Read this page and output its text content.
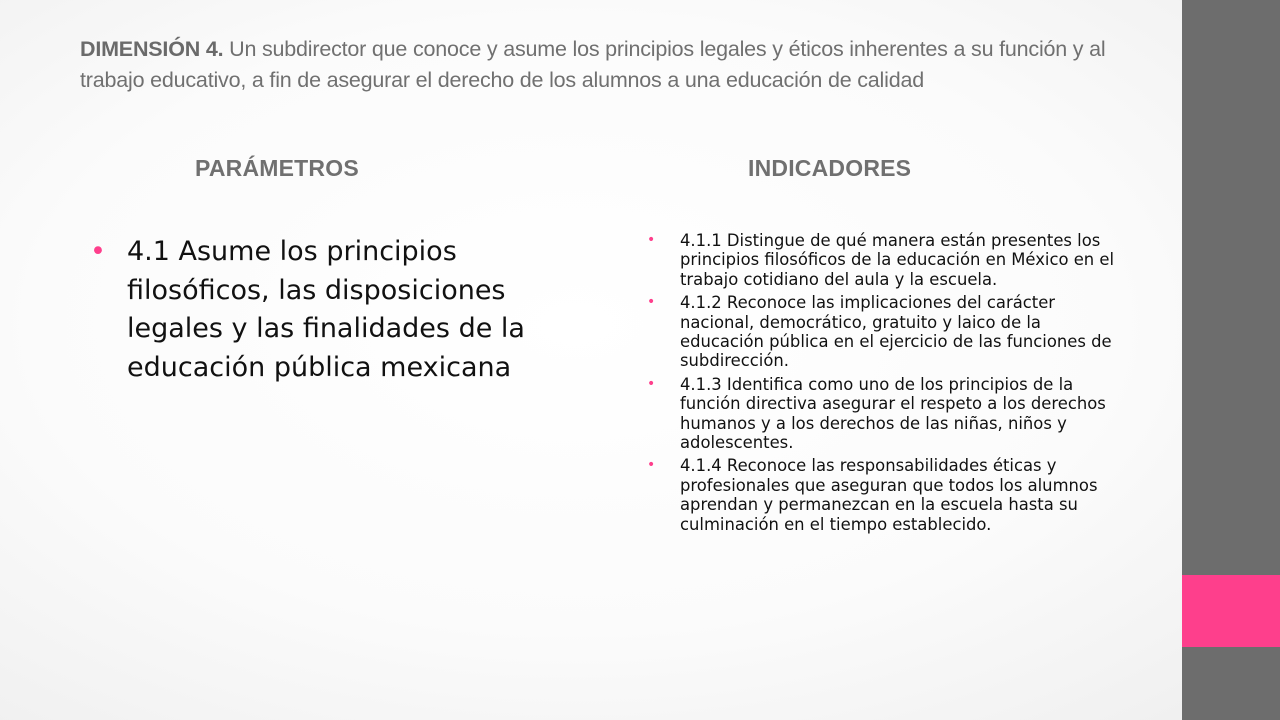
DIMENSIÓN 4. Un subdirector que conoce y asume los principios legales y éticos inherentes a su función y al trabajo educativo, a fin de asegurar el derecho de los alumnos a una educación de calidad
PARÁMETROS	INDICADORES
• 4.1 Asume los principios filosóficos, las disposiciones legales y las finalidades de la educación pública mexicana
• 4.1.1 Distingue de qué manera están presentes los principios filosóficos de la educación en México en el trabajo cotidiano del aula y la escuela.
• 4.1.2 Reconoce las implicaciones del carácter nacional, democrático, gratuito y laico de la educación pública en el ejercicio de las funciones de subdirección.
• 4.1.3 Identifica como uno de los principios de la función directiva asegurar el respeto a los derechos humanos y a los derechos de las niñas, niños y adolescentes.
• 4.1.4 Reconoce las responsabilidades éticas y profesionales que aseguran que todos los alumnos aprendan y permanezcan en la escuela hasta su culminación en el tiempo establecido.
